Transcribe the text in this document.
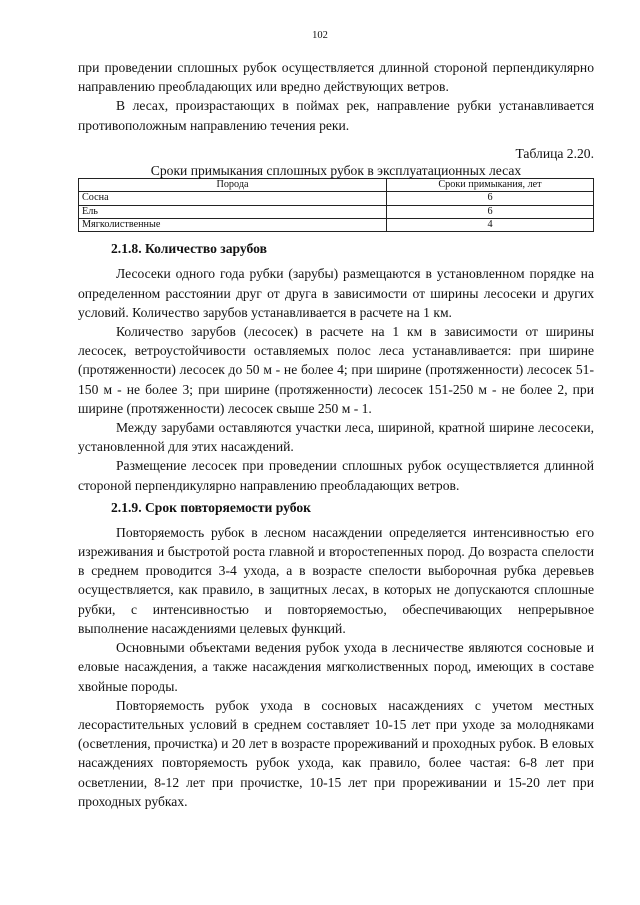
102

при проведении сплошных рубок осуществляется длинной стороной перпендикулярно направлению преобладающих или вредно действующих ветров.

В лесах, произрастающих в поймах рек, направление рубки устанавливается противоположным направлению течения реки.

Таблица 2.20.
Сроки примыкания сплошных рубок в эксплуатационных лесах
Порода	Сроки примыкания, лет
Сосна	6
Ель	6
Мягколиственные	4
2.1.8. Количество зарубов

Лесосеки одного года рубки (зарубы) размещаются в установленном порядке на определенном расстоянии друг от друга в зависимости от ширины лесосеки и других условий. Количество зарубов устанавливается в расчете на 1 км.

Количество зарубов (лесосек) в расчете на 1 км в зависимости от ширины лесосек, ветроустойчивости оставляемых полос леса устанавливается: при ширине (протяженности) лесосек до 50 м - не более 4; при ширине (протяженности) лесосек 51-150 м - не более 3; при ширине (протяженности) лесосек 151-250 м - не более 2, при ширине (протяженности) лесосек свыше 250 м - 1.

Между зарубами оставляются участки леса, шириной, кратной ширине лесосеки, установленной для этих насаждений.

Размещение лесосек при проведении сплошных рубок осуществляется длинной стороной перпендикулярно направлению преобладающих ветров.

2.1.9. Срок повторяемости рубок

Повторяемость рубок в лесном насаждении определяется интенсивностью его изреживания и быстротой роста главной и второстепенных пород. До возраста спелости в среднем проводится 3-4 ухода, а в возрасте спелости выборочная рубка деревьев осуществляется, как правило, в защитных лесах, в которых не допускаются сплошные рубки, с интенсивностью и повторяемостью, обеспечивающих непрерывное выполнение насаждениями целевых функций.

Основными объектами ведения рубок ухода в лесничестве являются сосновые и еловые насаждения, а также насаждения мягколиственных пород, имеющих в составе хвойные породы.

Повторяемость рубок ухода в сосновых насаждениях с учетом местных лесорастительных условий в среднем составляет 10-15 лет при уходе за молодняками (осветления, прочистка) и 20 лет в возрасте прореживаний и проходных рубок. В еловых насаждениях повторяемость рубок ухода, как правило, более частая: 6-8 лет при осветлении, 8-12 лет при прочистке, 10-15 лет при прореживании и 15-20 лет при проходных рубках.
